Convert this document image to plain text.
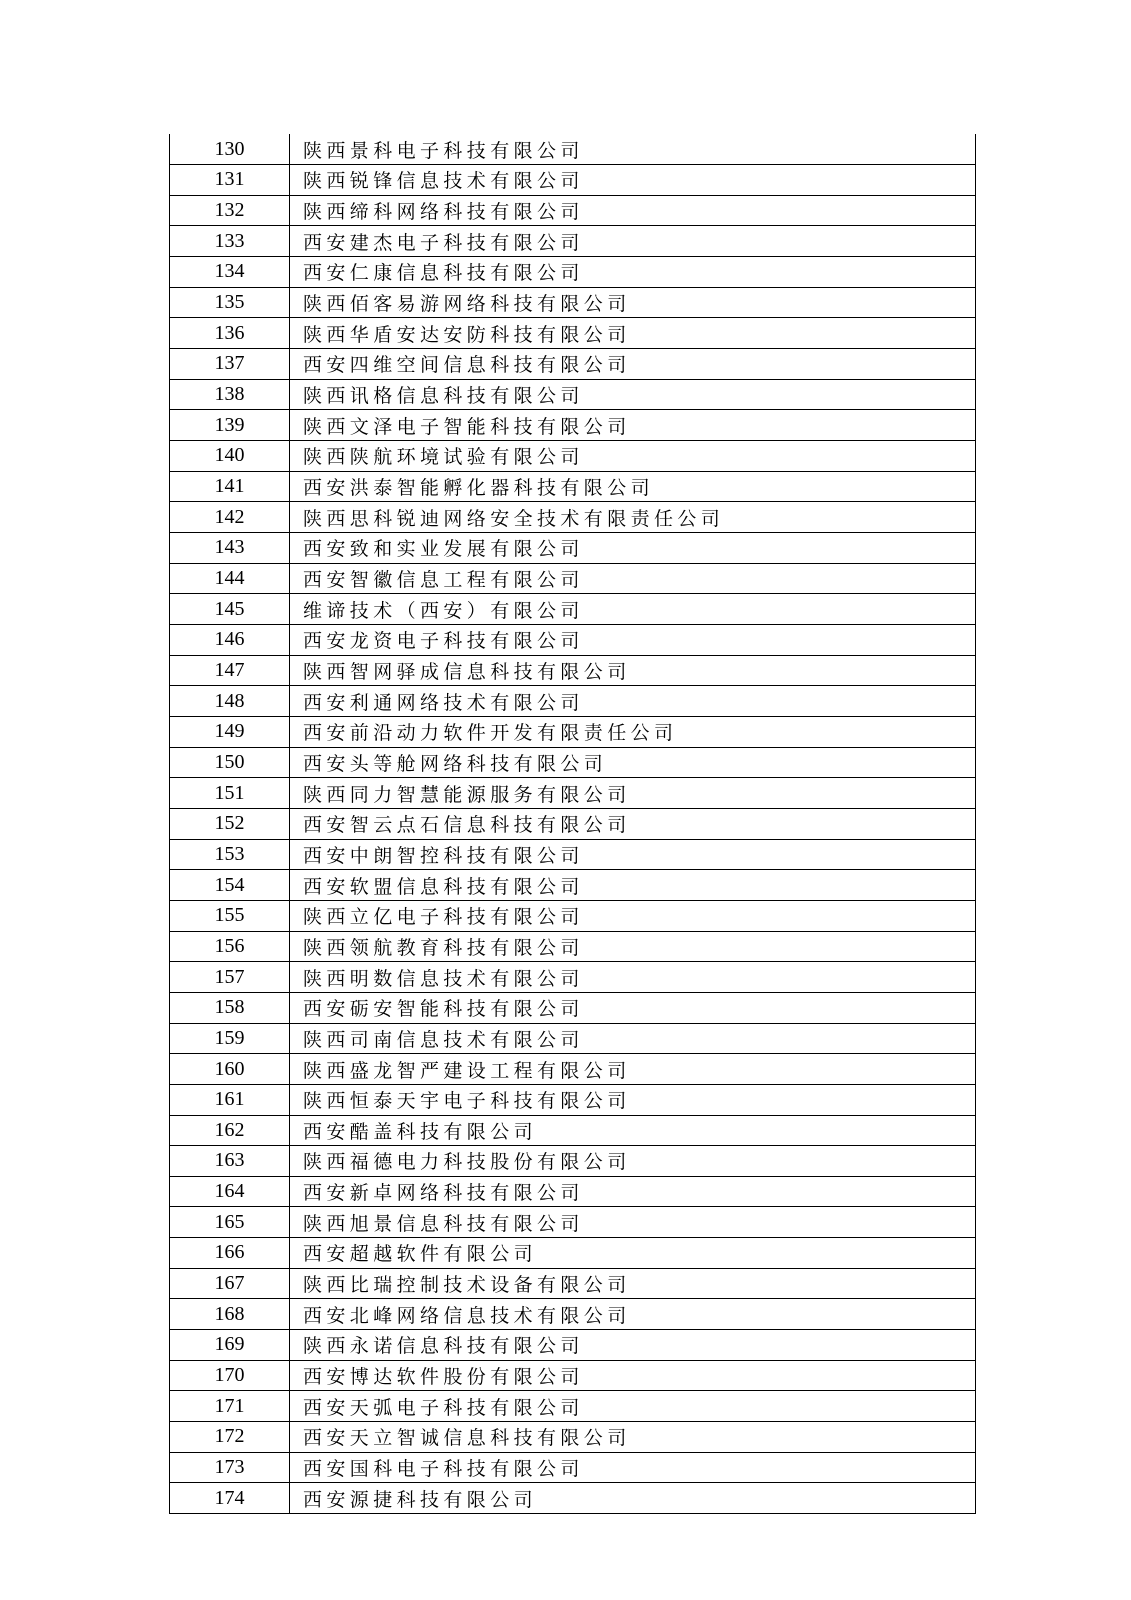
130	陕西景科电子科技有限公司
131	陕西锐锋信息技术有限公司
132	陕西缔科网络科技有限公司
133	西安建杰电子科技有限公司
134	西安仁康信息科技有限公司
135	陕西佰客易游网络科技有限公司
136	陕西华盾安达安防科技有限公司
137	西安四维空间信息科技有限公司
138	陕西讯格信息科技有限公司
139	陕西文泽电子智能科技有限公司
140	陕西陕航环境试验有限公司
141	西安洪泰智能孵化器科技有限公司
142	陕西思科锐迪网络安全技术有限责任公司
143	西安致和实业发展有限公司
144	西安智徽信息工程有限公司
145	维谛技术（西安）有限公司
146	西安龙资电子科技有限公司
147	陕西智网驿成信息科技有限公司
148	西安利通网络技术有限公司
149	西安前沿动力软件开发有限责任公司
150	西安头等舱网络科技有限公司
151	陕西同力智慧能源服务有限公司
152	西安智云点石信息科技有限公司
153	西安中朗智控科技有限公司
154	西安软盟信息科技有限公司
155	陕西立亿电子科技有限公司
156	陕西领航教育科技有限公司
157	陕西明数信息技术有限公司
158	西安砺安智能科技有限公司
159	陕西司南信息技术有限公司
160	陕西盛龙智严建设工程有限公司
161	陕西恒泰天宇电子科技有限公司
162	西安酷盖科技有限公司
163	陕西福德电力科技股份有限公司
164	西安新卓网络科技有限公司
165	陕西旭景信息科技有限公司
166	西安超越软件有限公司
167	陕西比瑞控制技术设备有限公司
168	西安北峰网络信息技术有限公司
169	陕西永诺信息科技有限公司
170	西安博达软件股份有限公司
171	西安天弧电子科技有限公司
172	西安天立智诚信息科技有限公司
173	西安国科电子科技有限公司
174	西安源捷科技有限公司
